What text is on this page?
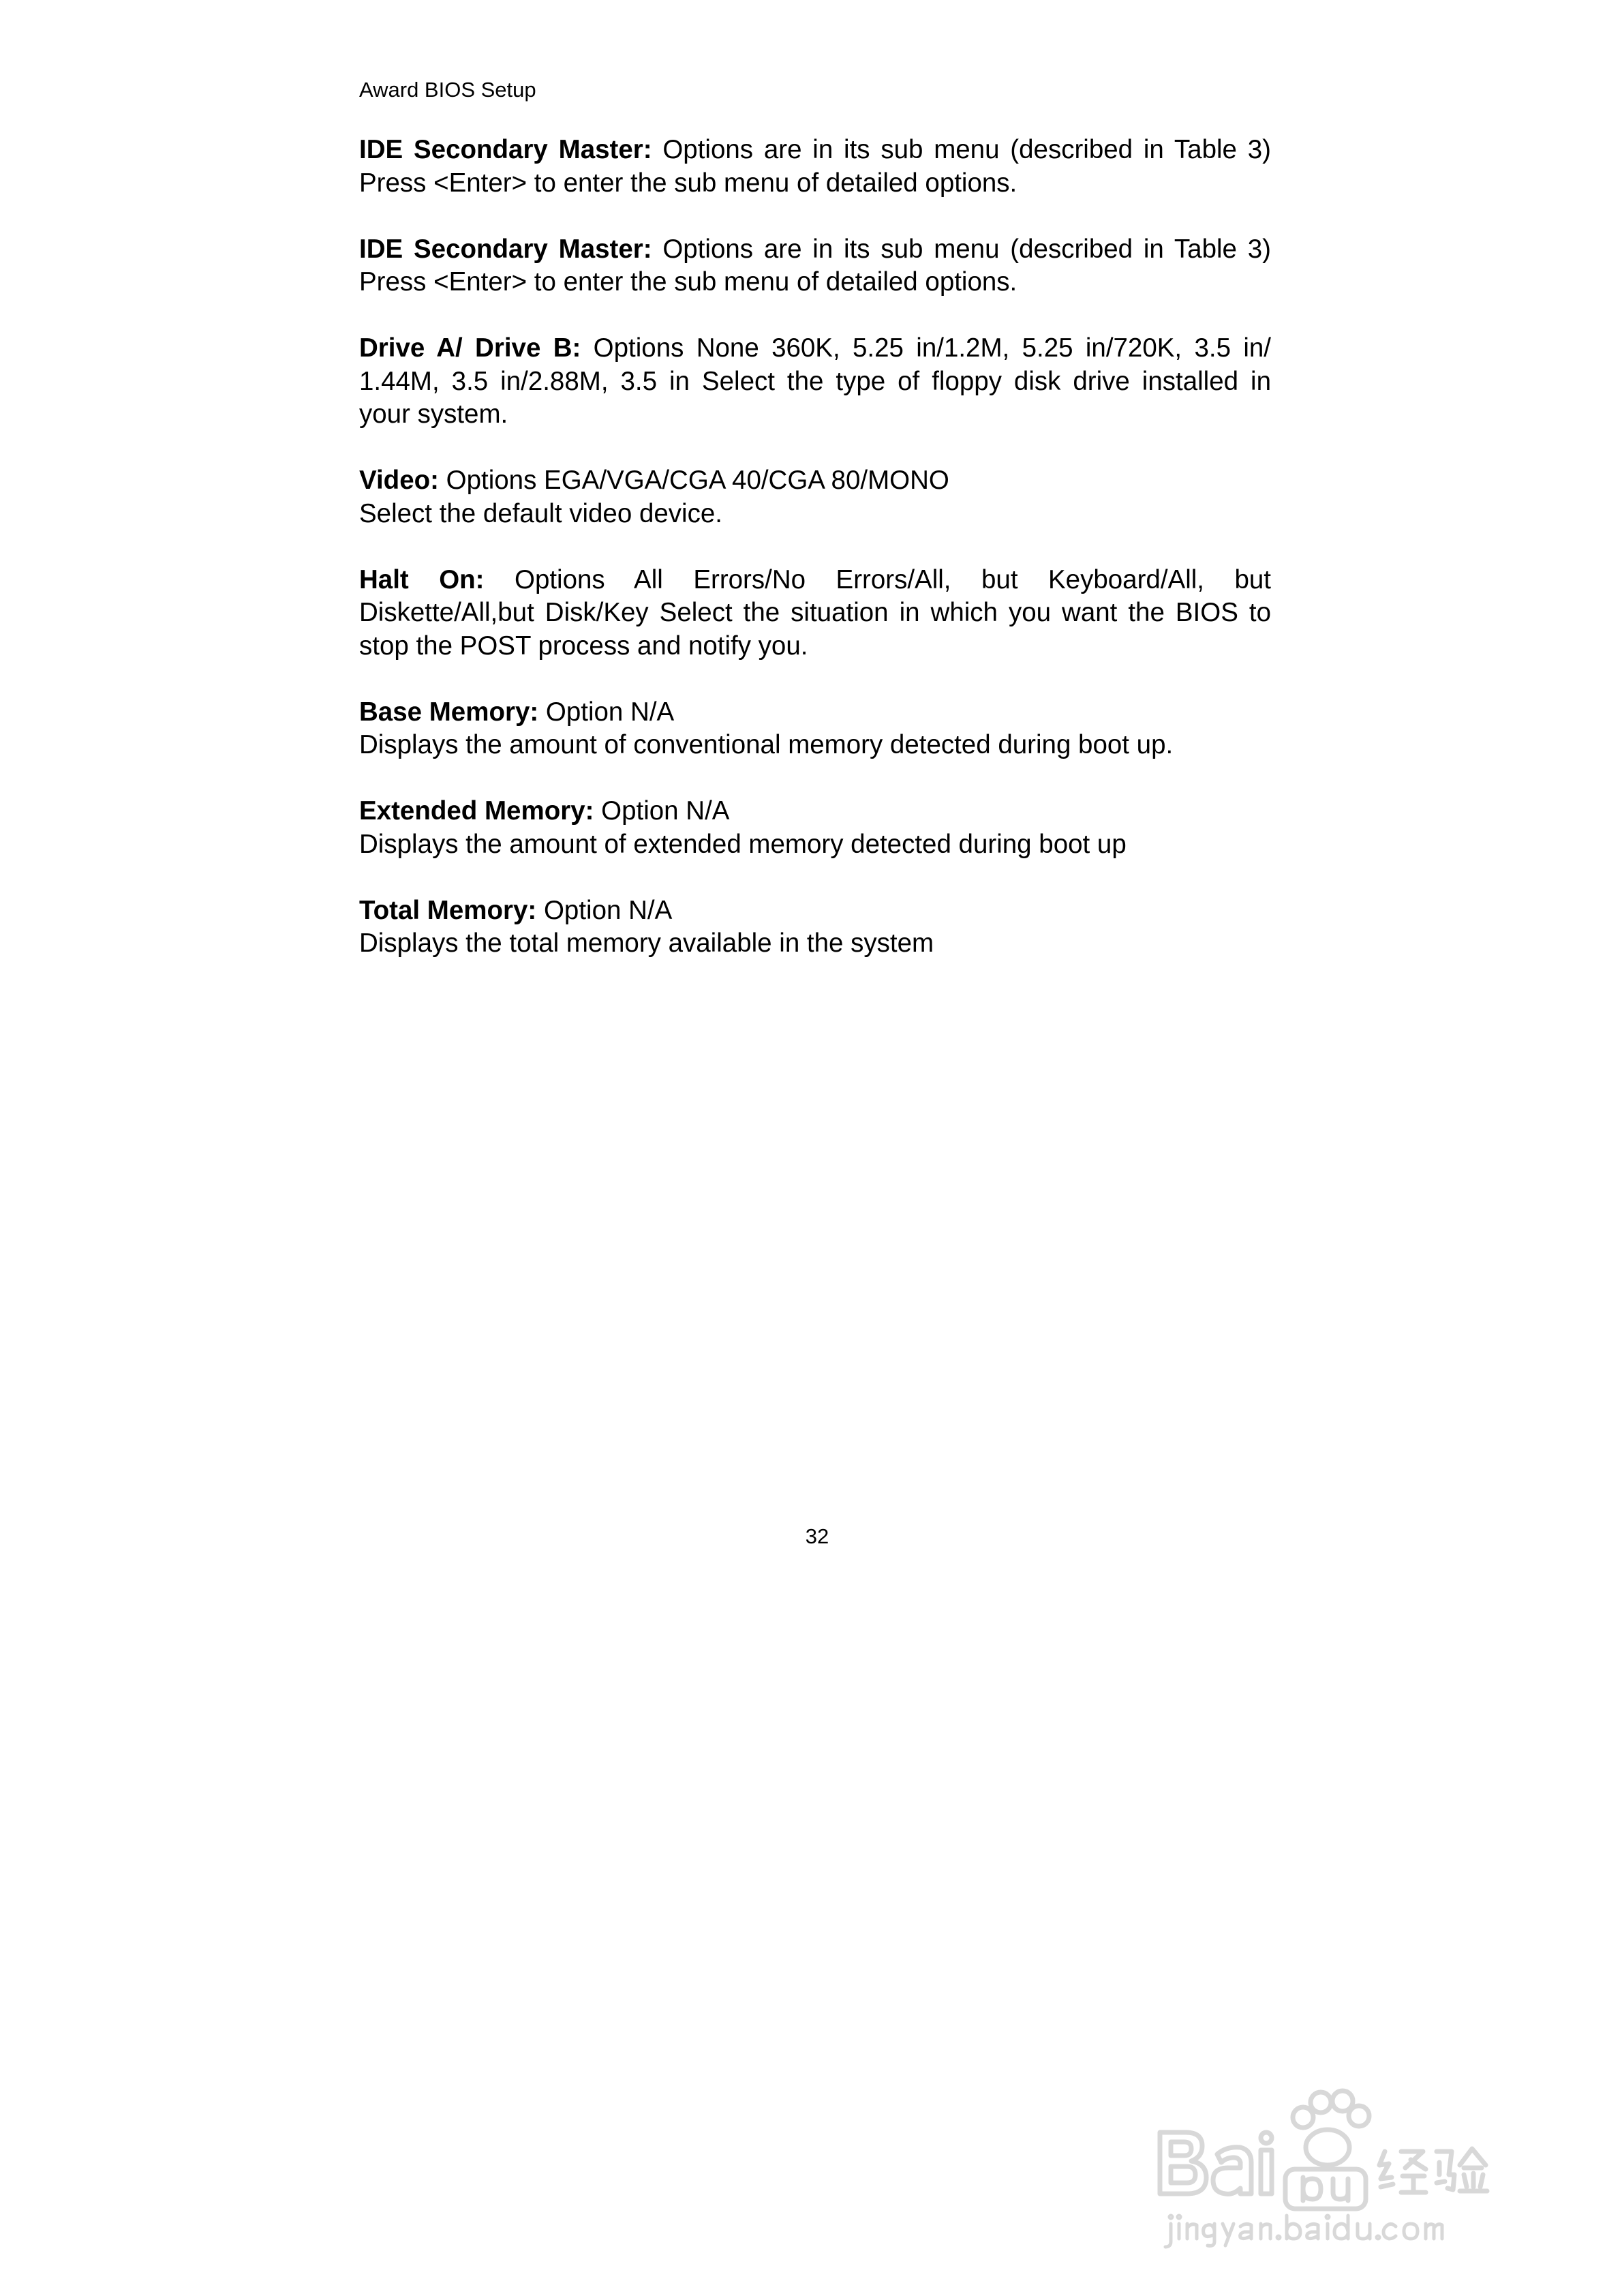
Award BIOS Setup
IDE Secondary Master: Options are in its sub menu (described in Table 3)
Press <Enter> to enter the sub menu of detailed options.
IDE Secondary Master: Options are in its sub menu (described in Table 3)
Press <Enter> to enter the sub menu of detailed options.
Drive A/ Drive B: Options None 360K, 5.25 in/1.2M, 5.25 in/720K, 3.5 in/
1.44M, 3.5 in/2.88M, 3.5 in Select the type of floppy disk drive installed in
your system.
Video: Options EGA/VGA/CGA 40/CGA 80/MONO
Select the default video device.
Halt On: Options All Errors/No Errors/All, but Keyboard/All, but
Diskette/All,but Disk/Key Select the situation in which you want the BIOS to
stop the POST process and notify you.
Base Memory: Option N/A
Displays the amount of conventional memory detected during boot up.
Extended Memory: Option N/A
Displays the amount of extended memory detected during boot up
Total Memory: Option N/A
Displays the total memory available in the system
32
